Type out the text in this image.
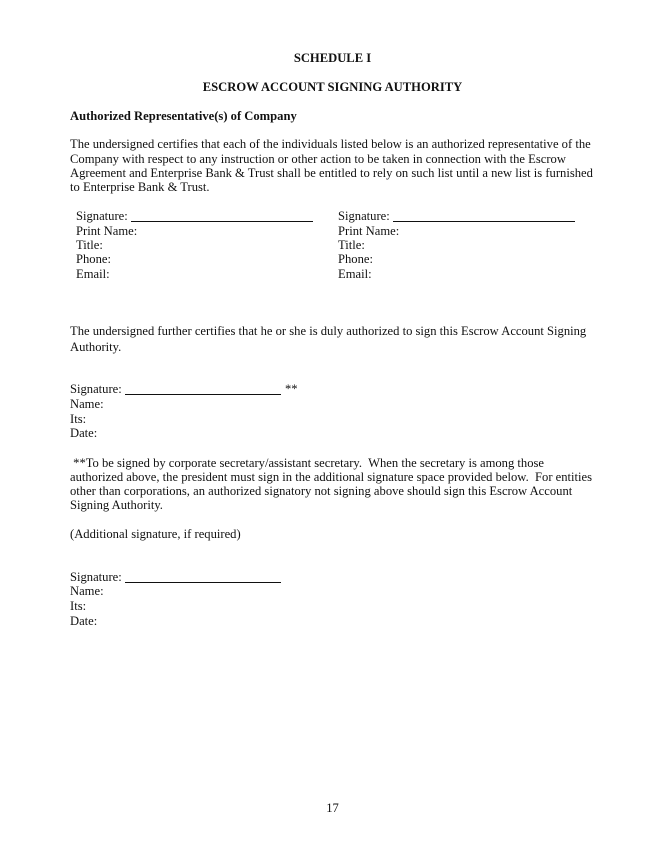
SCHEDULE I
ESCROW ACCOUNT SIGNING AUTHORITY
Authorized Representative(s) of Company
The undersigned certifies that each of the individuals listed below is an authorized representative of the
Company with respect to any instruction or other action to be taken in connection with the Escrow
Agreement and Enterprise Bank & Trust shall be entitled to rely on such list until a new list is furnished
to Enterprise Bank & Trust.
Signature:
Print Name:
Title:
Phone:
Email:
Signature:
Print Name:
Title:
Phone:
Email:
The undersigned further certifies that he or she is duly authorized to sign this Escrow Account Signing
Authority.
Signature:	**
Name:
Its:
Date:
**To be signed by corporate secretary/assistant secretary.  When the secretary is among those
authorized above, the president must sign in the additional signature space provided below.  For entities
other than corporations, an authorized signatory not signing above should sign this Escrow Account
Signing Authority.
(Additional signature, if required)
Signature:
Name:
Its:
Date:
17
